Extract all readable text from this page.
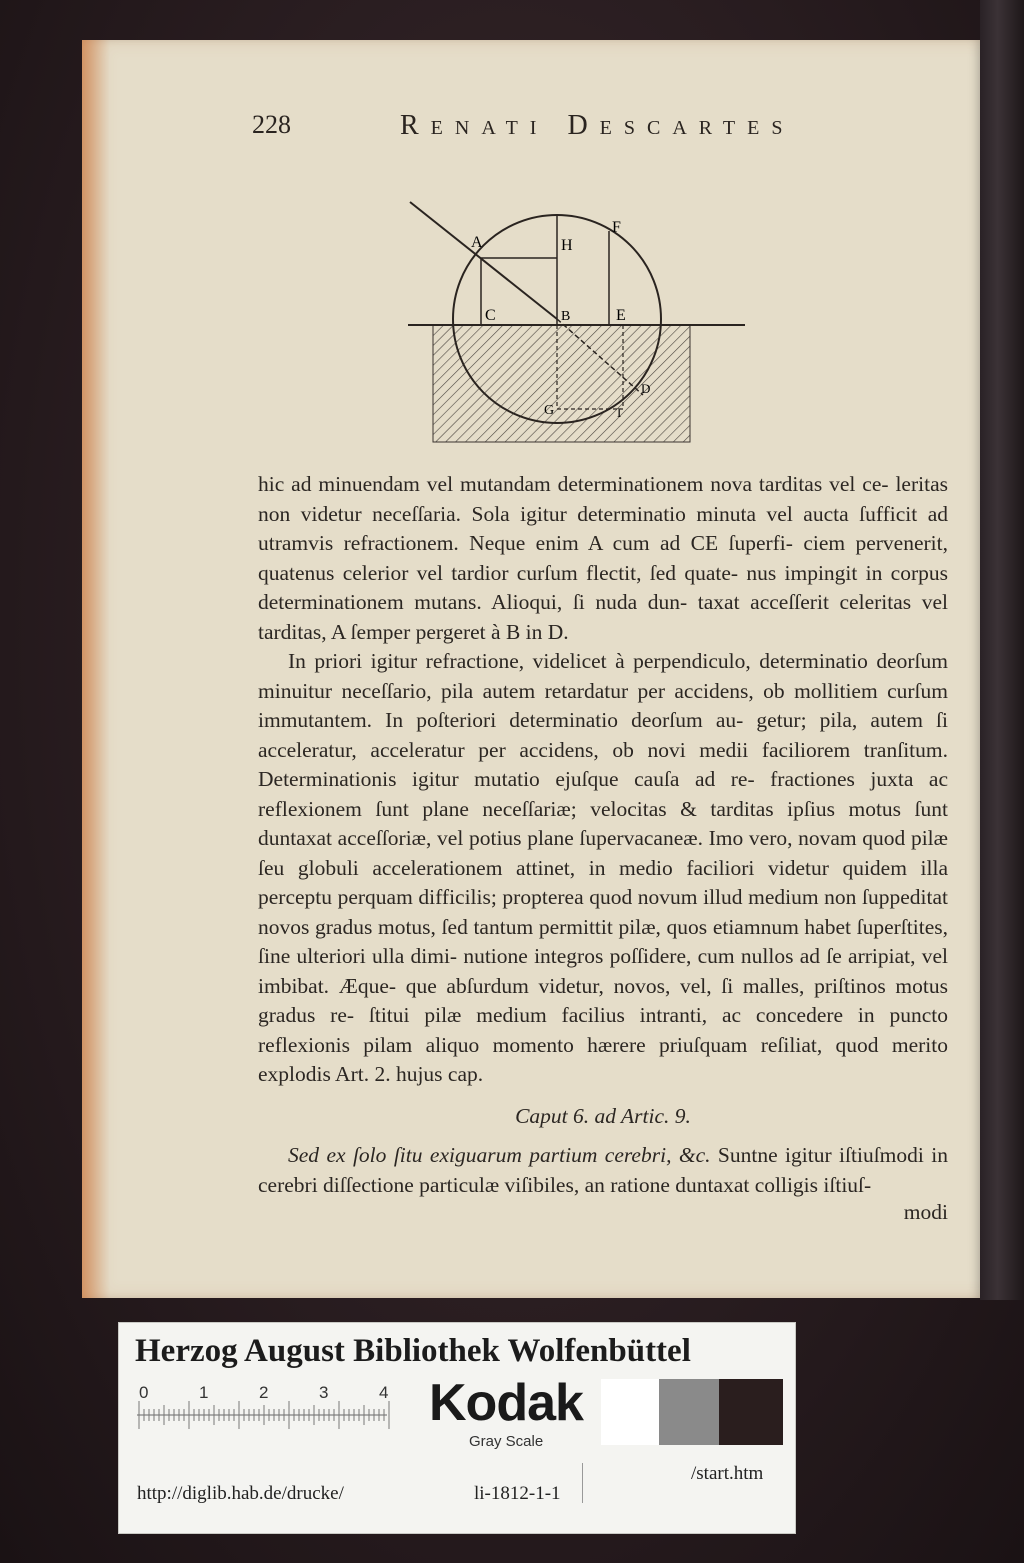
228	Renati Descartes
A	H
F
C	B	E
G	I
D

hic ad minuendam vel mutandam determinationem nova tarditas vel ce- leritas non videtur neceſſaria. Sola igitur determinatio minuta vel aucta ſufficit ad utramvis refractionem. Neque enim A cum ad CE ſuperfi- ciem pervenerit, quatenus celerior vel tardior curſum flectit, ſed quate- nus impingit in corpus determinationem mutans. Alioqui, ſi nuda dun- taxat acceſſerit celeritas vel tarditas, A ſemper pergeret à B in D.

In priori igitur refractione, videlicet à perpendiculo, determinatio deorſum minuitur neceſſario, pila autem retardatur per accidens, ob mollitiem curſum immutantem. In poſteriori determinatio deorſum au- getur; pila, autem ſi acceleratur, acceleratur per accidens, ob novi medii faciliorem tranſitum. Determinationis igitur mutatio ejuſque cauſa ad re- fractiones juxta ac reflexionem ſunt plane neceſſariæ; velocitas & tarditas ipſius motus ſunt duntaxat acceſſoriæ, vel potius plane ſupervacaneæ. Imo vero, novam quod pilæ ſeu globuli accelerationem attinet, in medio faciliori videtur quidem illa perceptu perquam difficilis; propterea quod novum illud medium non ſuppeditat novos gradus motus, ſed tantum permittit pilæ, quos etiamnum habet ſuperſtites, ſine ulteriori ulla dimi- nutione integros poſſidere, cum nullos ad ſe arripiat, vel imbibat. Æque- que abſurdum videtur, novos, vel, ſi malles, priſtinos motus gradus re- ſtitui pilæ medium facilius intranti, ac concedere in puncto reflexionis pilam aliquo momento hærere priuſquam reſiliat, quod merito explodis Art. 2. hujus cap.

Caput 6. ad Artic. 9.

Sed ex ſolo ſitu exiguarum partium cerebri, &c. Suntne igitur iſtiuſmodi in cerebri diſſectione particulæ viſibiles, an ratione duntaxat colligis iſtiuſ-

modi

Herzog August Bibliothek Wolfenbüttel
0	1	2	3	4 Kodak
Gray Scale
http://diglib.hab.de/drucke/	li-1812-1-1
/start.htm
